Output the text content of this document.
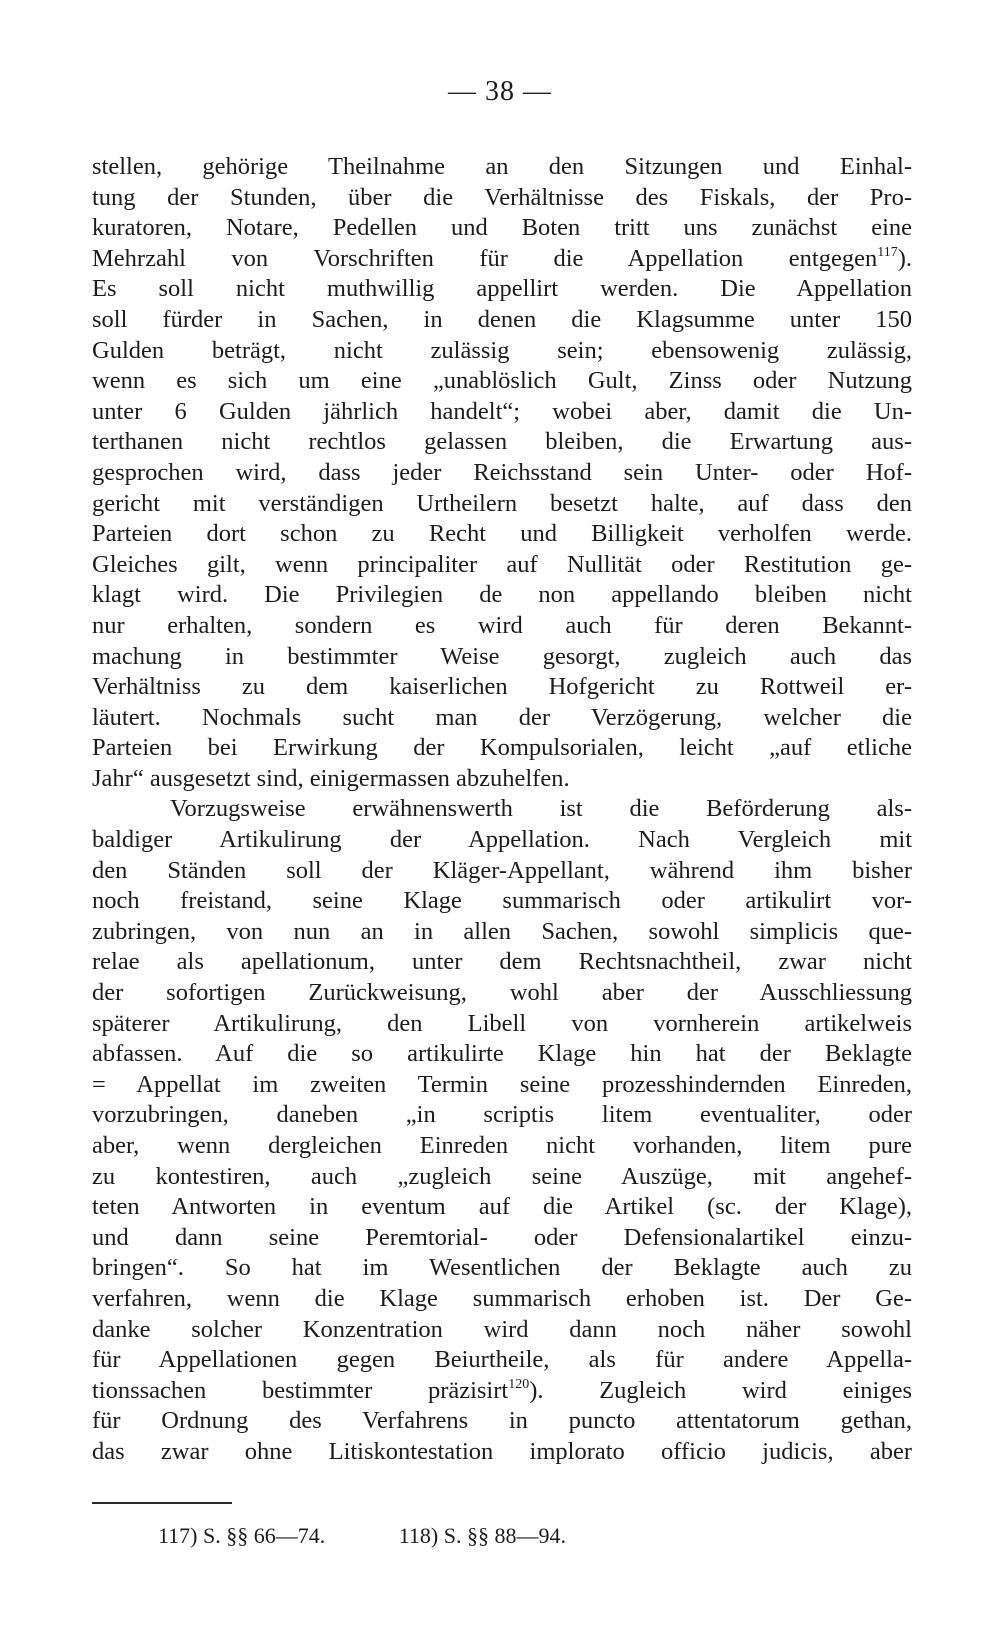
— 38 —
stellen, gehörige Theilnahme an den Sitzungen und Einhal-
tung der Stunden, über die Verhältnisse des Fiskals, der Pro-
kuratoren, Notare, Pedellen und Boten tritt uns zunächst eine
Mehrzahl von Vorschriften für die Appellation entgegen$^{117}$).
Es soll nicht muthwillig appellirt werden. Die Appellation
soll fürder in Sachen, in denen die Klagsumme unter 150
Gulden beträgt, nicht zulässig sein; ebensowenig zulässig,
wenn es sich um eine „unablöslich Gult, Zinss oder Nutzung
unter 6 Gulden jährlich handelt“; wobei aber, damit die Un-
terthanen nicht rechtlos gelassen bleiben, die Erwartung aus-
gesprochen wird, dass jeder Reichsstand sein Unter- oder Hof-
gericht mit verständigen Urtheilern besetzt halte, auf dass den
Parteien dort schon zu Recht und Billigkeit verholfen werde.
Gleiches gilt, wenn principaliter auf Nullität oder Restitution ge-
klagt wird. Die Privilegien de non appellando bleiben nicht
nur erhalten, sondern es wird auch für deren Bekannt-
machung in bestimmter Weise gesorgt, zugleich auch das
Verhältniss zu dem kaiserlichen Hofgericht zu Rottweil er-
läutert. Nochmals sucht man der Verzögerung, welcher die
Parteien bei Erwirkung der Kompulsorialen, leicht „auf etliche
Jahr“ ausgesetzt sind, einigermassen abzuhelfen.
Vorzugsweise erwähnenswerth ist die Beförderung als-
baldiger Artikulirung der Appellation. Nach Vergleich mit
den Ständen soll der Kläger-Appellant, während ihm bisher
noch freistand, seine Klage summarisch oder artikulirt vor-
zubringen, von nun an in allen Sachen, sowohl simplicis que-
relae als apellationum, unter dem Rechtsnachtheil, zwar nicht
der sofortigen Zurückweisung, wohl aber der Ausschliessung
späterer Artikulirung, den Libell von vornherein artikelweis
abfassen. Auf die so artikulirte Klage hin hat der Beklagte
= Appellat im zweiten Termin seine prozesshindernden Einreden,
vorzubringen, daneben „in scriptis litem eventualiter, oder
aber, wenn dergleichen Einreden nicht vorhanden, litem pure
zu kontestiren, auch „zugleich seine Auszüge, mit angehef-
teten Antworten in eventum auf die Artikel (sc. der Klage),
und dann seine Peremtorial- oder Defensionalartikel einzu-
bringen“. So hat im Wesentlichen der Beklagte auch zu
verfahren, wenn die Klage summarisch erhoben ist. Der Ge-
danke solcher Konzentration wird dann noch näher sowohl
für Appellationen gegen Beiurtheile, als für andere Appella-
tionssachen bestimmter präzisirt$^{120}$). Zugleich wird einiges
für Ordnung des Verfahrens in puncto attentatorum gethan,
das zwar ohne Litiskontestation implorato officio judicis, aber
117) S. §§ 66—74.	118) S. §§ 88—94.
